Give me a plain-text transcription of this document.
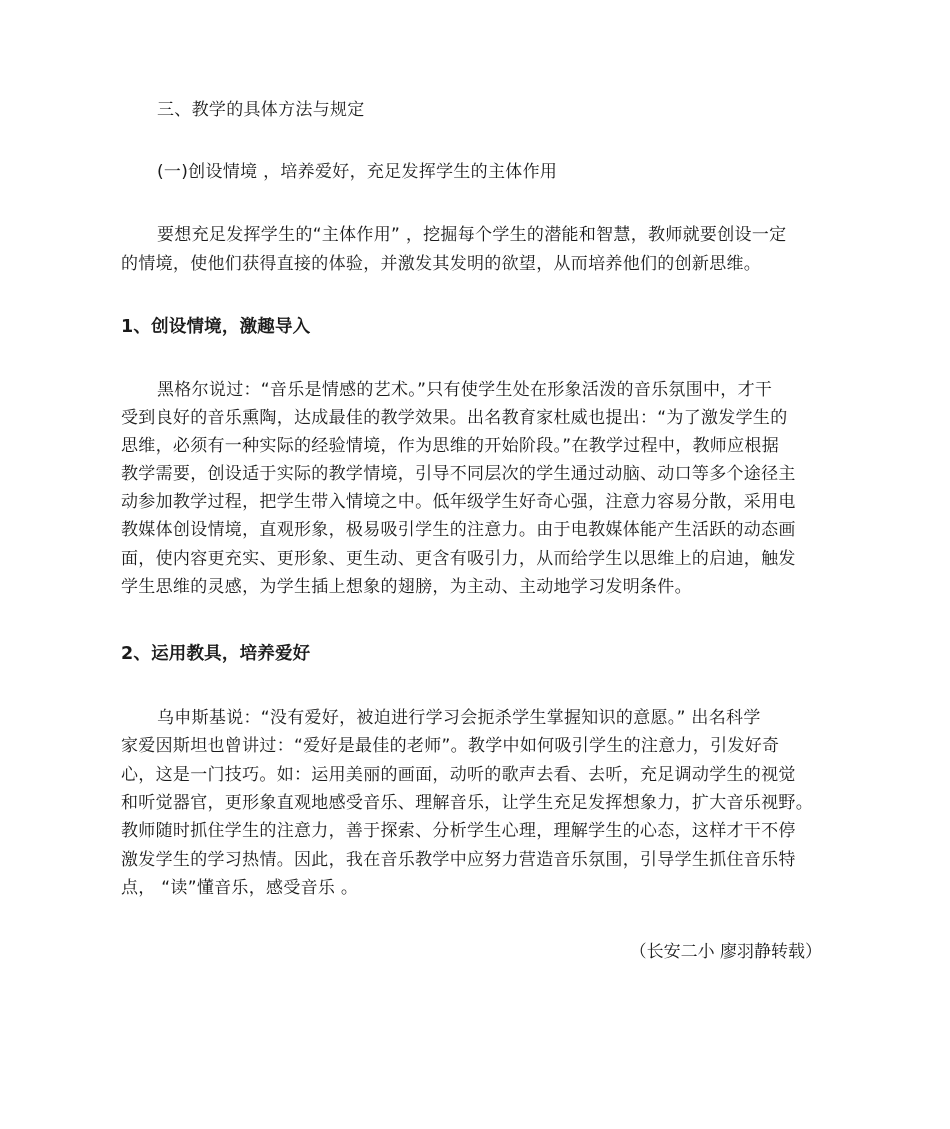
三、教学的具体方法与规定
(一)创设情境 ，培养爱好，充足发挥学生的主体作用
要想充足发挥学生的“主体作用” ，挖掘每个学生的潜能和智慧，教师就要创设一定
的情境，使他们获得直接的体验，并激发其发明的欲望，从而培养他们的创新思维。
1、创设情境，激趣导入
黑格尔说过：“音乐是情感的艺术。”只有使学生处在形象活泼的音乐氛围中，才干
受到良好的音乐熏陶，达成最佳的教学效果。出名教育家杜威也提出：“为了激发学生的
思维，必须有一种实际的经验情境，作为思维的开始阶段。”在教学过程中，教师应根据
教学需要，创设适于实际的教学情境，引导不同层次的学生通过动脑、动口等多个途径主
动参加教学过程，把学生带入情境之中。低年级学生好奇心强，注意力容易分散，采用电
教媒体创设情境，直观形象，极易吸引学生的注意力。由于电教媒体能产生活跃的动态画
面，使内容更充实、更形象、更生动、更含有吸引力，从而给学生以思维上的启迪，触发
学生思维的灵感，为学生插上想象的翅膀，为主动、主动地学习发明条件。
2、运用教具，培养爱好
乌申斯基说：“没有爱好，被迫进行学习会扼杀学生掌握知识的意愿。” 出名科学
家爱因斯坦也曾讲过：“爱好是最佳的老师”。教学中如何吸引学生的注意力，引发好奇
心，这是一门技巧。如：运用美丽的画面，动听的歌声去看、去听，充足调动学生的视觉
和听觉器官，更形象直观地感受音乐、理解音乐，让学生充足发挥想象力，扩大音乐视野。
教师随时抓住学生的注意力，善于探索、分析学生心理，理解学生的心态，这样才干不停
激发学生的学习热情。因此，我在音乐教学中应努力营造音乐氛围，引导学生抓住音乐特
点， “读”懂音乐，感受音乐 。
（长安二小 廖羽静转载）
